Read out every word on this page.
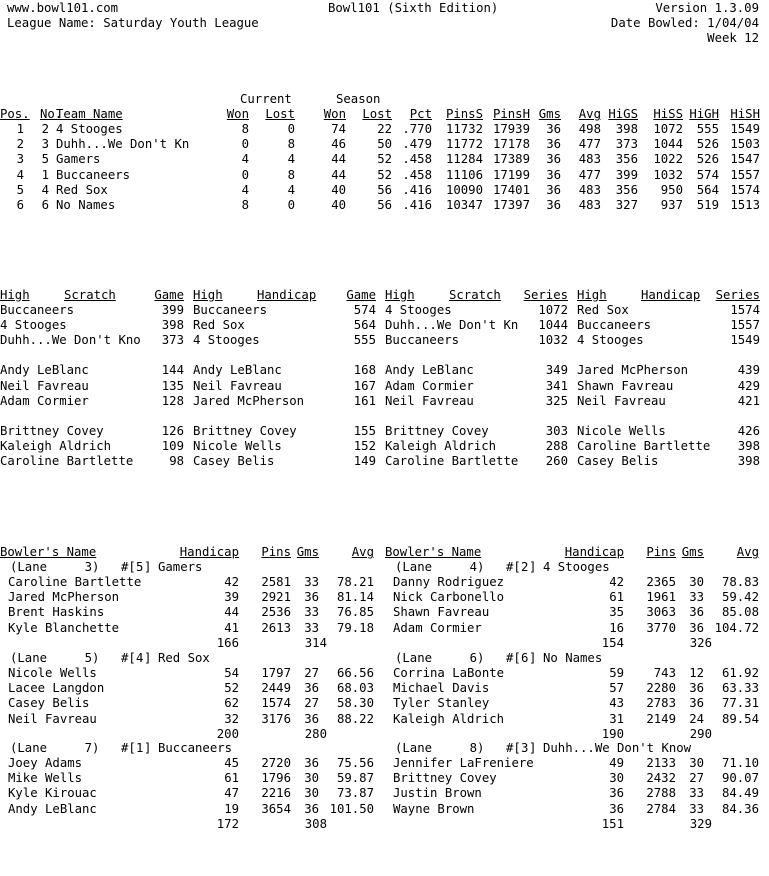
www.bowl101.com	Bowl101 (Sixth Edition)	Version 1.3.09
League Name: Saturday Youth League	Date Bowled: 1/04/04
Week 12
Current	Season
Pos. No.
Team Name	Won Lost	Won Lost	Pct	PinsS PinsH Gms	Avg HiGS	HiSS HiGH HiSH
1 2 4 Stooges	8	0	74	22 .770	11732 17939	36	498	398	1072	555 1549
2 3 Duhh...We Don't Kn	0	8	46	50 .479	11772 17178	36	477	373	1044	526 1503
3 5 Gamers	4	4	44	52 .458	11284 17389	36	483	356	1022	526 1547
4 1 Buccaneers	0	8	44	52 .458	11106 17199	36	477	399	1032	574 1557
5 4 Red Sox	4	4	40	56 .416	10090 17401	36	483	356	950	564 1574
6 6 No Names	8	0	40	56 .416	10347 17397	36	483	327	937	519 1513
High	Scratch	Game High	Handicap	Game High	Scratch	Series High	Handicap	Series
Buccaneers	399 Buccaneers	574 4 Stooges	1072 Red Sox	1574
4 Stooges	398 Red Sox	564 Duhh...We Don't Kn	1044 Buccaneers	1557
Duhh...We Don't Kno	373 4 Stooges	555 Buccaneers	1032 4 Stooges	1549
Andy LeBlanc	144 Andy LeBlanc	168 Andy LeBlanc	349 Jared McPherson	439
Neil Favreau	135 Neil Favreau	167 Adam Cormier	341 Shawn Favreau	429
Adam Cormier	128 Jared McPherson	161 Neil Favreau	325 Neil Favreau	421
Brittney Covey	126 Brittney Covey	155 Brittney Covey	303 Nicole Wells	426
Kaleigh Aldrich	109 Nicole Wells	152 Kaleigh Aldrich	288 Caroline Bartlette	398
Caroline Bartlette	98 Casey Belis	149 Caroline Bartlette	260 Casey Belis	398
Bowler's Name	Handicap	Pins Gms	Avg Bowler's Name	Handicap	Pins Gms	Avg
(Lane	3 ) #[ 5 ] Gamers
Caroline Bartlette	42	2581	33	78.21
Jared McPherson	39	2921	36	81.14
Brent Haskins	44	2536	33	76.85
Kyle Blanchette	41	2613	33	79.18
166	314
(Lane	4 ) #[ 2 ] 4 Stooges
Danny Rodriguez	42	2365	30	78.83
Nick Carbonello	61	1961	33	59.42
Shawn Favreau	35	3063	36	85.08
Adam Cormier	16	3770	36 104.72
154	326
(Lane	5 ) #[ 4 ] Red Sox
Nicole Wells	54	1797	27	66.56
Lacee Langdon	52	2449	36	68.03
Casey Belis	62	1574	27	58.30
Neil Favreau	32	3176	36	88.22
200	280
(Lane	6 ) #[ 6 ] No Names
Corrina LaBonte	59	743	12	61.92
Michael Davis	57	2280	36	63.33
Tyler Stanley	43	2783	36	77.31
Kaleigh Aldrich	31	2149	24	89.54
190	290
(Lane	7 ) #[ 1 ] Buccaneers
Joey Adams	45	2720	36	75.56
Mike Wells	61	1796	30	59.87
Kyle Kirouac	47	2216	30	73.87
Andy LeBlanc	19	3654	36 101.50
172	308
(Lane	8 ) #[ 3 ] Duhh...We Don't Know
Jennifer LaFreniere	49	2133	30	71.10
Brittney Covey	30	2432	27	90.07
Justin Brown	36	2788	33	84.49
Wayne Brown	36	2784	33	84.36
151	329
